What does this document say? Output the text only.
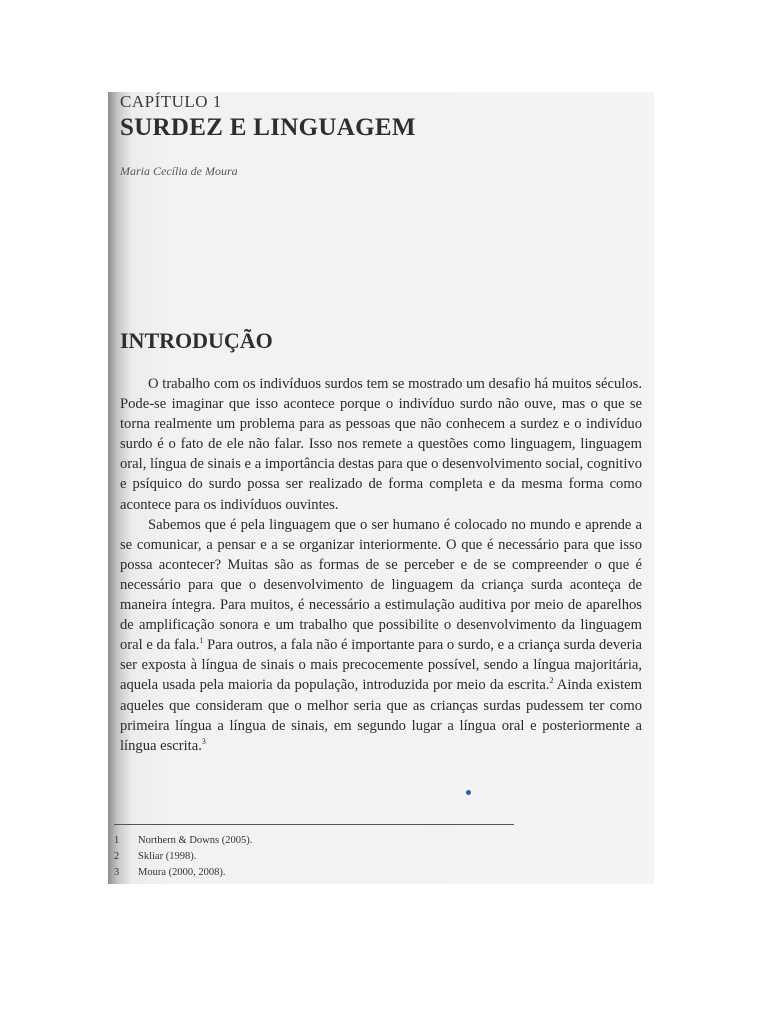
CAPÍTULO 1
SURDEZ E LINGUAGEM
Maria Cecília de Moura
INTRODUÇÃO

O trabalho com os indivíduos surdos tem se mostrado um desafio há muitos séculos. Pode-se imaginar que isso acontece porque o indivíduo surdo não ouve, mas o que se torna realmente um problema para as pessoas que não conhecem a surdez e o indivíduo surdo é o fato de ele não falar. Isso nos remete a questões como linguagem, linguagem oral, língua de sinais e a importância destas para que o desenvolvimento social, cognitivo e psíquico do surdo possa ser realizado de forma completa e da mesma forma como acontece para os indivíduos ouvintes.

Sabemos que é pela linguagem que o ser humano é colocado no mundo e aprende a se comunicar, a pensar e a se organizar interiormente. O que é necessário para que isso possa acontecer? Muitas são as formas de se perceber e de se compreender o que é necessário para que o desenvolvimento de linguagem da criança surda aconteça de maneira íntegra. Para muitos, é necessário a estimulação auditiva por meio de aparelhos de amplificação sonora e um trabalho que possibilite o desenvolvimento da linguagem oral e da fala.$^1$ Para outros, a fala não é importante para o surdo, e a criança surda deveria ser exposta à língua de sinais o mais precocemente possível, sendo a língua majoritária, aquela usada pela maioria da população, introduzida por meio da escrita.$^2$ Ainda existem aqueles que consideram que o melhor seria que as crianças surdas pudessem ter como primeira língua a língua de sinais, em segundo lugar a língua oral e posteriormente a língua escrita.$^3$

1	Northern & Downs (2005).
2	Skliar (1998).
3	Moura (2000, 2008).
